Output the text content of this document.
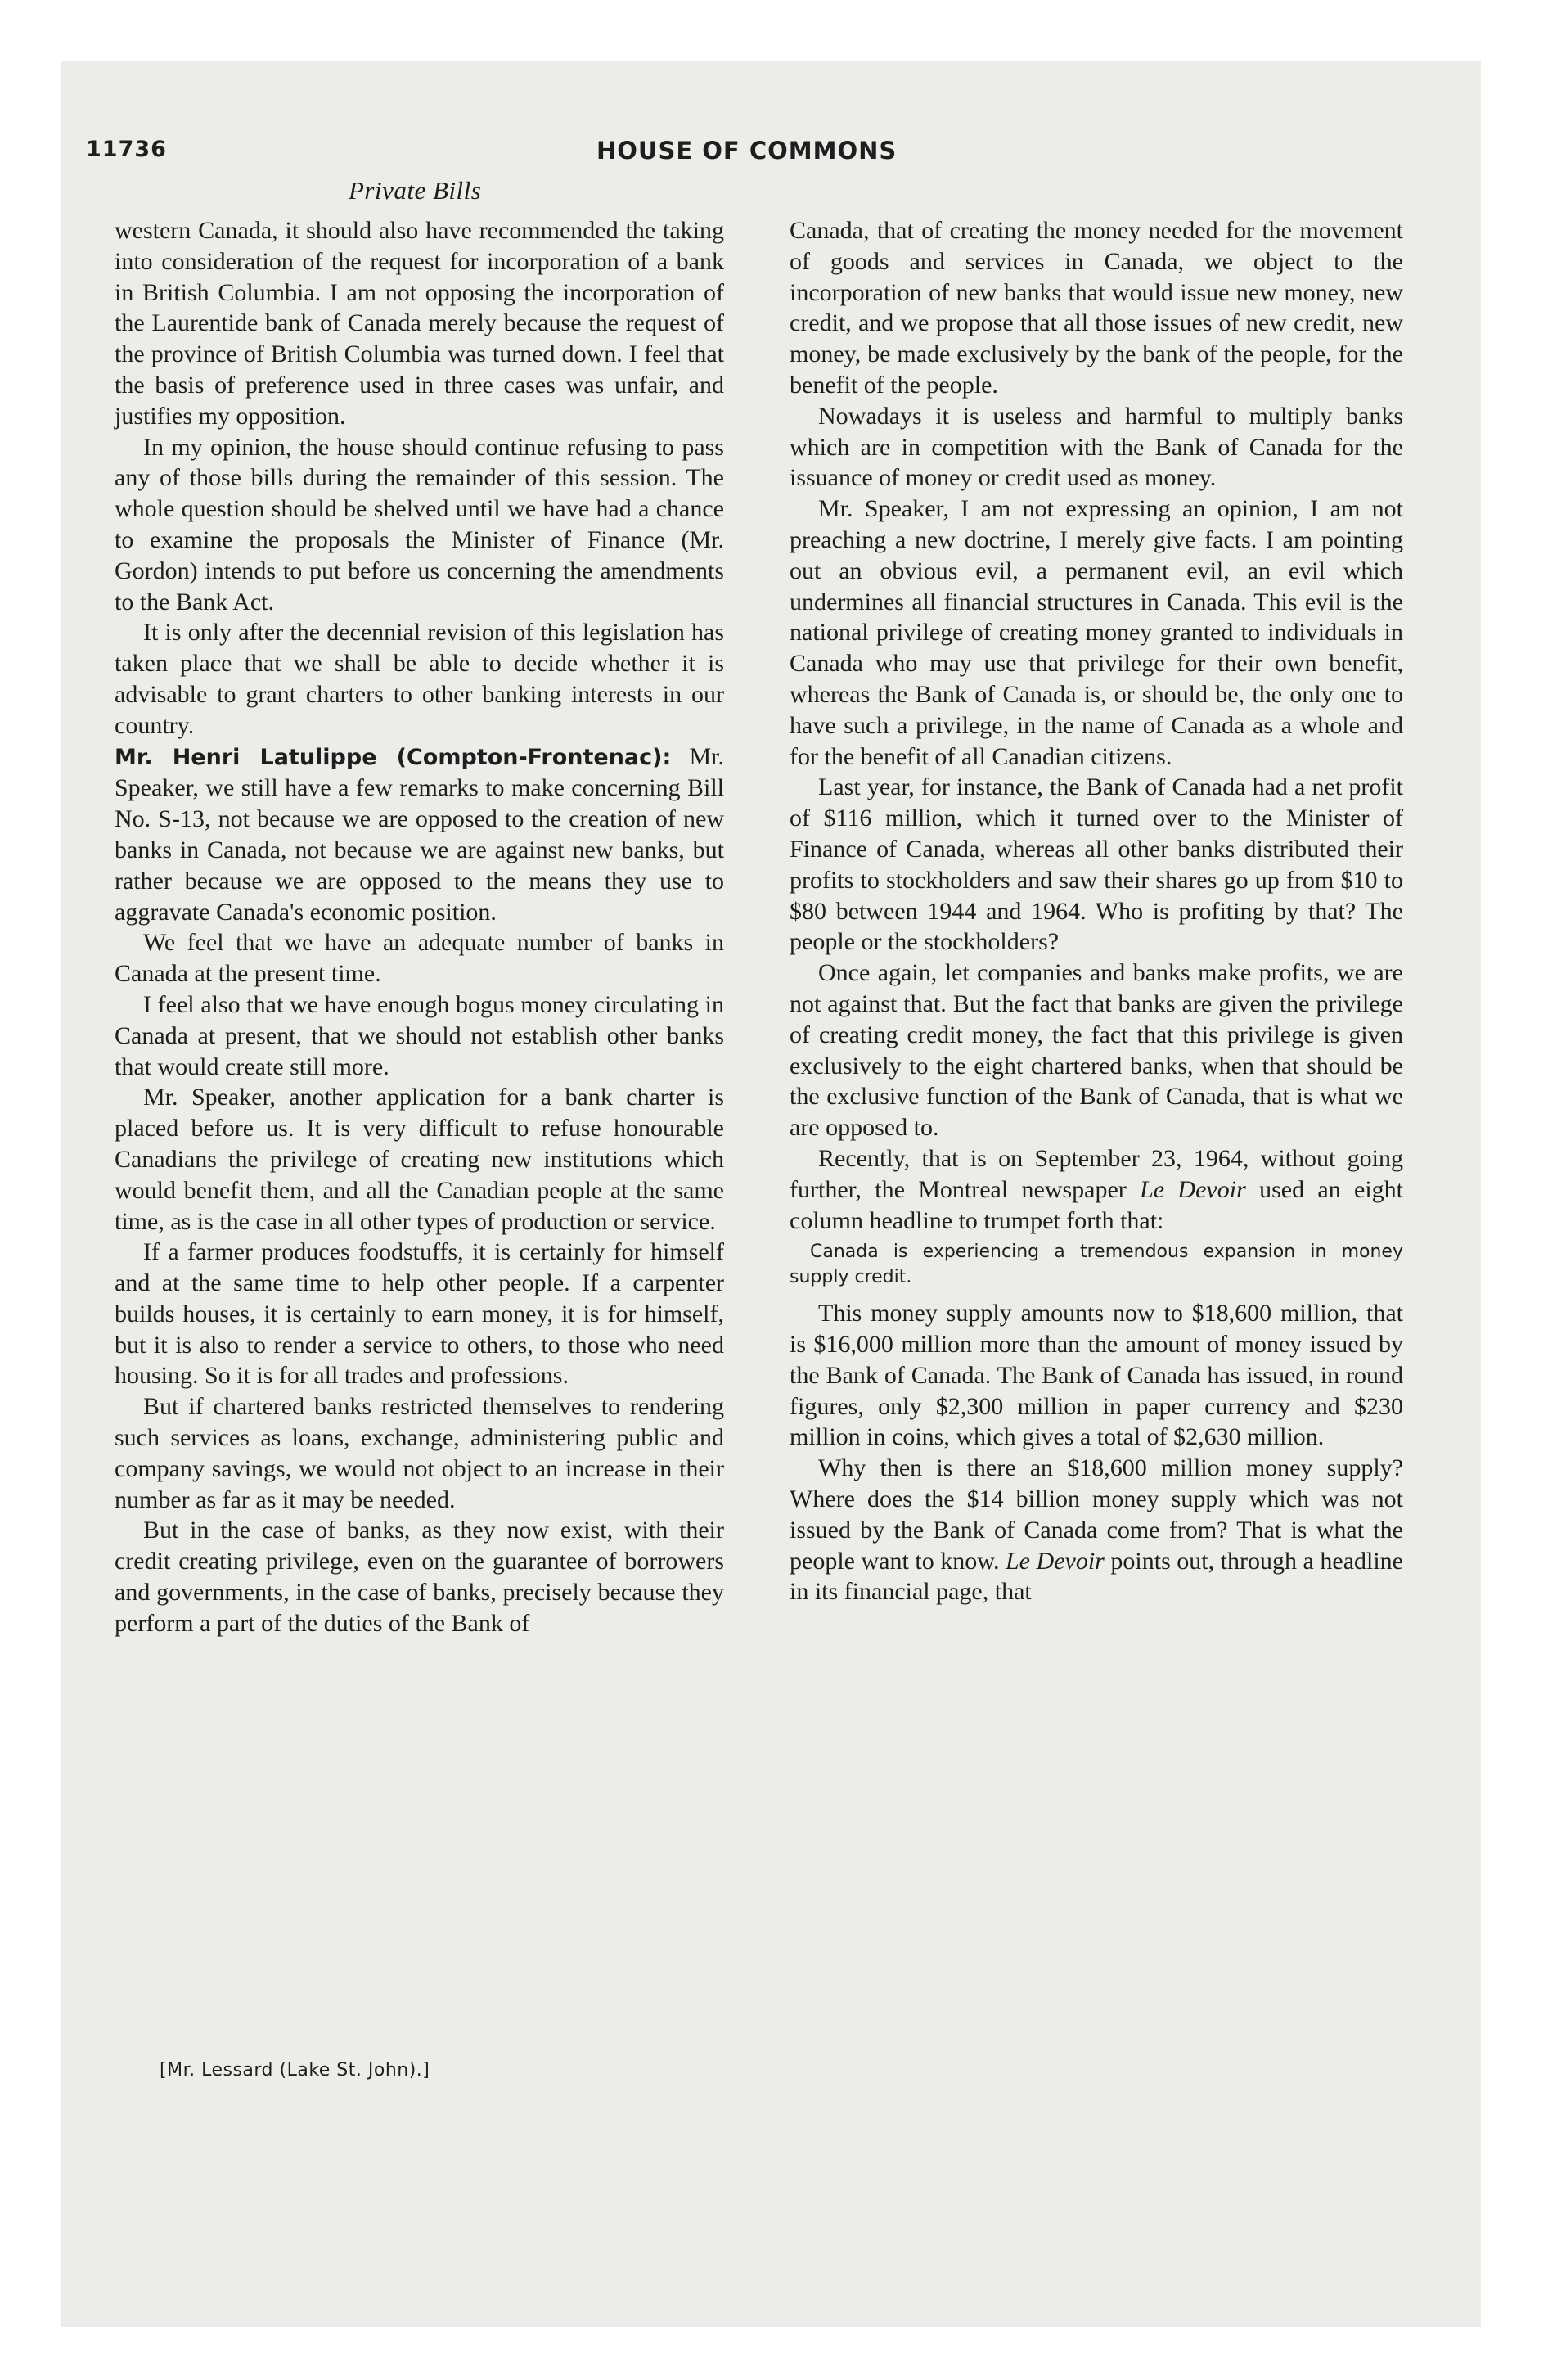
11736	HOUSE OF COMMONS
Private Bills

western Canada, it should also have recommended the taking into consideration of the request for incorporation of a bank in British Columbia. I am not opposing the incorporation of the Laurentide bank of Canada merely because the request of the province of British Columbia was turned down. I feel that the basis of preference used in three cases was unfair, and justifies my opposition.

In my opinion, the house should continue refusing to pass any of those bills during the remainder of this session. The whole question should be shelved until we have had a chance to examine the proposals the Minister of Finance (Mr. Gordon) intends to put before us concerning the amendments to the Bank Act.

It is only after the decennial revision of this legislation has taken place that we shall be able to decide whether it is advisable to grant charters to other banking interests in our country.

Mr. Henri Latulippe (Compton-Frontenac): Mr. Speaker, we still have a few remarks to make concerning Bill No. S-13, not because we are opposed to the creation of new banks in Canada, not because we are against new banks, but rather because we are opposed to the means they use to aggravate Canada's economic position.

We feel that we have an adequate number of banks in Canada at the present time.

I feel also that we have enough bogus money circulating in Canada at present, that we should not establish other banks that would create still more.

Mr. Speaker, another application for a bank charter is placed before us. It is very difficult to refuse honourable Canadians the privilege of creating new institutions which would benefit them, and all the Canadian people at the same time, as is the case in all other types of production or service.

If a farmer produces foodstuffs, it is certainly for himself and at the same time to help other people. If a carpenter builds houses, it is certainly to earn money, it is for himself, but it is also to render a service to others, to those who need housing. So it is for all trades and professions.

But if chartered banks restricted themselves to rendering such services as loans, exchange, administering public and company savings, we would not object to an increase in their number as far as it may be needed.

But in the case of banks, as they now exist, with their credit creating privilege, even on the guarantee of borrowers and governments, in the case of banks, precisely because they perform a part of the duties of the Bank of

[Mr. Lessard (Lake St. John).]

Canada, that of creating the money needed for the movement of goods and services in Canada, we object to the incorporation of new banks that would issue new money, new credit, and we propose that all those issues of new credit, new money, be made exclusively by the bank of the people, for the benefit of the people.

Nowadays it is useless and harmful to multiply banks which are in competition with the Bank of Canada for the issuance of money or credit used as money.

Mr. Speaker, I am not expressing an opinion, I am not preaching a new doctrine, I merely give facts. I am pointing out an obvious evil, a permanent evil, an evil which undermines all financial structures in Canada. This evil is the national privilege of creating money granted to individuals in Canada who may use that privilege for their own benefit, whereas the Bank of Canada is, or should be, the only one to have such a privilege, in the name of Canada as a whole and for the benefit of all Canadian citizens.

Last year, for instance, the Bank of Canada had a net profit of $116 million, which it turned over to the Minister of Finance of Canada, whereas all other banks distributed their profits to stockholders and saw their shares go up from $10 to $80 between 1944 and 1964. Who is profiting by that? The people or the stockholders?

Once again, let companies and banks make profits, we are not against that. But the fact that banks are given the privilege of creating credit money, the fact that this privilege is given exclusively to the eight chartered banks, when that should be the exclusive function of the Bank of Canada, that is what we are opposed to.

Recently, that is on September 23, 1964, without going further, the Montreal newspaper Le Devoir used an eight column headline to trumpet forth that:

Canada is experiencing a tremendous expansion in money supply credit.

This money supply amounts now to $18,600 million, that is $16,000 million more than the amount of money issued by the Bank of Canada. The Bank of Canada has issued, in round figures, only $2,300 million in paper currency and $230 million in coins, which gives a total of $2,630 million.

Why then is there an $18,600 million money supply? Where does the $14 billion money supply which was not issued by the Bank of Canada come from? That is what the people want to know. Le Devoir points out, through a headline in its financial page, that
